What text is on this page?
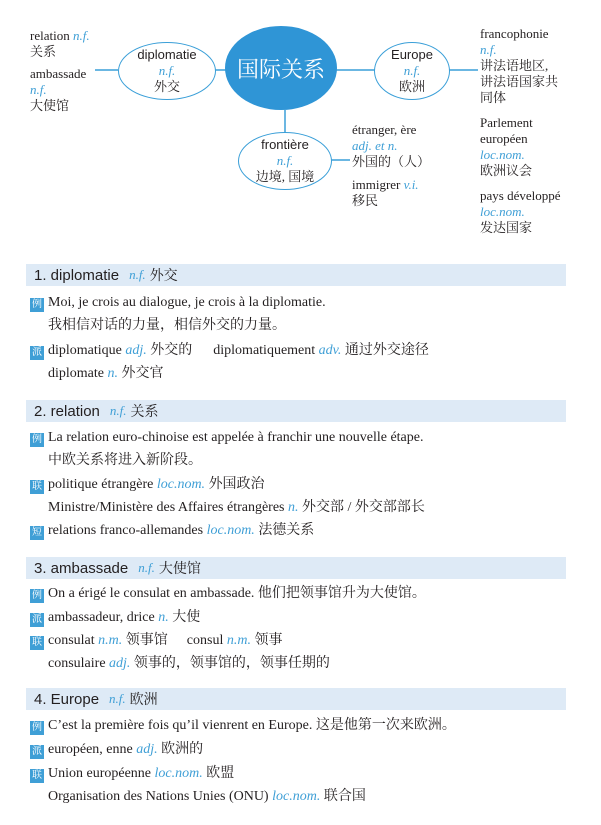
国际关系
diplomatie
n.f.
外交
Europe
n.f.
欧洲
frontière
n.f.
边境, 国境
relation n.f.
关系
ambassade
n.f.
大使馆
étranger, ère
adj. et n.
外国的（人）
immigrer v.i.
移民
francophonie
n.f.
讲法语地区,
讲法语国家共
同体
Parlement
européen
loc.nom.
欧洲议会
pays développé
loc.nom.
发达国家
1. diplomatie n.f. 外交
例 Moi, je crois au dialogue, je crois à la diplomatie.
我相信对话的力量，相信外交的力量。
派 diplomatique adj. 外交的 diplomatiquement adv. 通过外交途径
diplomate n. 外交官
2. relation n.f. 关系
例 La relation euro-chinoise est appelée à franchir une nouvelle étape.
中欧关系将进入新阶段。
联 politique étrangère loc.nom. 外国政治
Ministre/Ministère des Affaires étrangères n. 外交部 / 外交部部长
短 relations franco-allemandes loc.nom. 法德关系
3. ambassade n.f. 大使馆
例 On a érigé le consulat en ambassade. 他们把领事馆升为大使馆。
派 ambassadeur, drice n. 大使
联 consulat n.m. 领事馆 consul n.m. 领事
consulaire adj. 领事的，领事馆的，领事任期的
4. Europe n.f. 欧洲
例 C’est la première fois qu’il vienrent en Europe. 这是他第一次来欧洲。
派 européen, enne adj. 欧洲的
联 Union européenne loc.nom. 欧盟
Organisation des Nations Unies (ONU) loc.nom. 联合国
